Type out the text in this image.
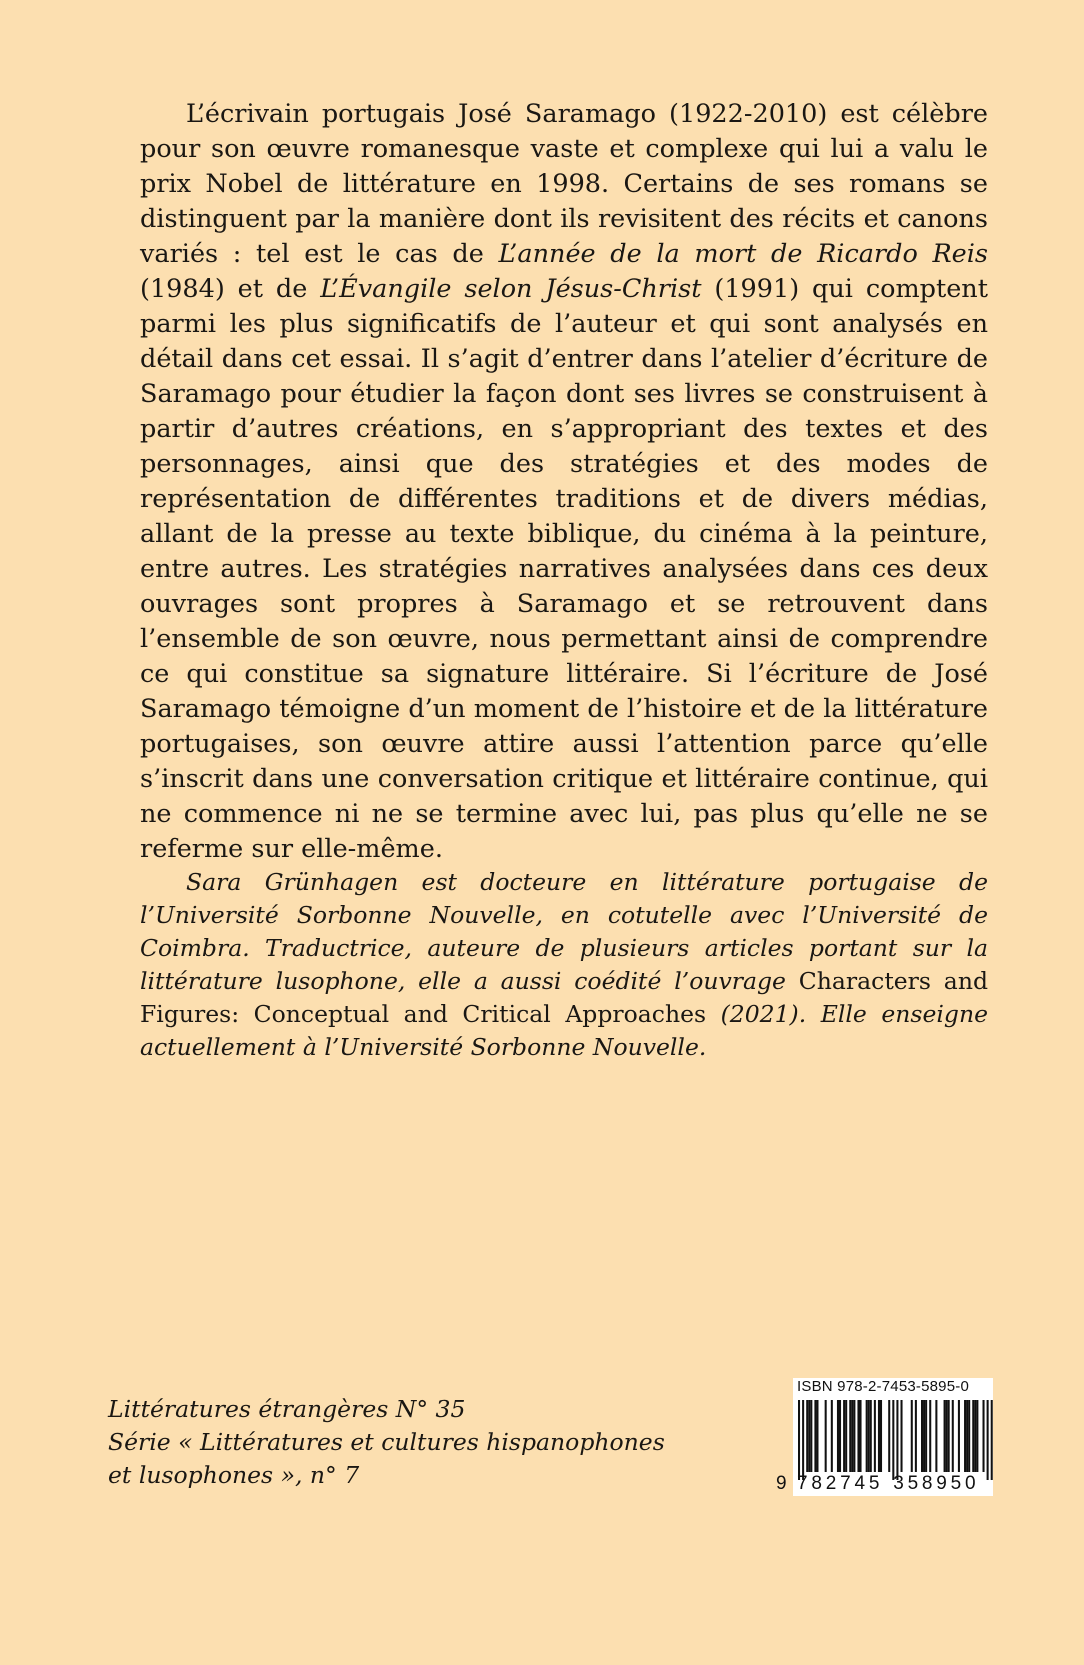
L’écrivain portugais José Saramago (1922-2010) est célèbre pour son œuvre romanesque vaste et complexe qui lui a valu le prix Nobel de littérature en 1998. Certains de ses romans se distinguent par la manière dont ils revisitent des récits et canons variés : tel est le cas de L’année de la mort de Ricardo Reis (1984) et de L’Évangile selon Jésus-Christ (1991) qui comptent parmi les plus significatifs de l’auteur et qui sont analysés en détail dans cet essai. Il s’agit d’entrer dans l’atelier d’écriture de Saramago pour étudier la façon dont ses livres se construisent à partir d’autres créations, en s’appropriant des textes et des personnages, ainsi que des stratégies et des modes de représentation de différentes traditions et de divers médias, allant de la presse au texte biblique, du cinéma à la peinture, entre autres. Les stratégies narratives analysées dans ces deux ouvrages sont propres à Saramago et se retrouvent dans l’ensemble de son œuvre, nous permettant ainsi de comprendre ce qui constitue sa signature littéraire. Si l’écriture de José Saramago témoigne d’un moment de l’histoire et de la littérature portugaises, son œuvre attire aussi l’attention parce qu’elle s’inscrit dans une conversation critique et littéraire continue, qui ne commence ni ne se termine avec lui, pas plus qu’elle ne se referme sur elle-même.

Sara Grünhagen est docteure en littérature portugaise de l’Université Sorbonne Nouvelle, en cotutelle avec l’Université de Coimbra. Traductrice, auteure de plusieurs articles portant sur la littérature lusophone, elle a aussi coédité l’ouvrage Characters and Figures: Conceptual and Critical Approaches (2021). Elle enseigne actuellement à l’Université Sorbonne Nouvelle.
Littératures étrangères N° 35
Série « Littératures et cultures hispanophones
et lusophones », n° 7
ISBN 978-2-7453-5895-0
9 782745 358950
